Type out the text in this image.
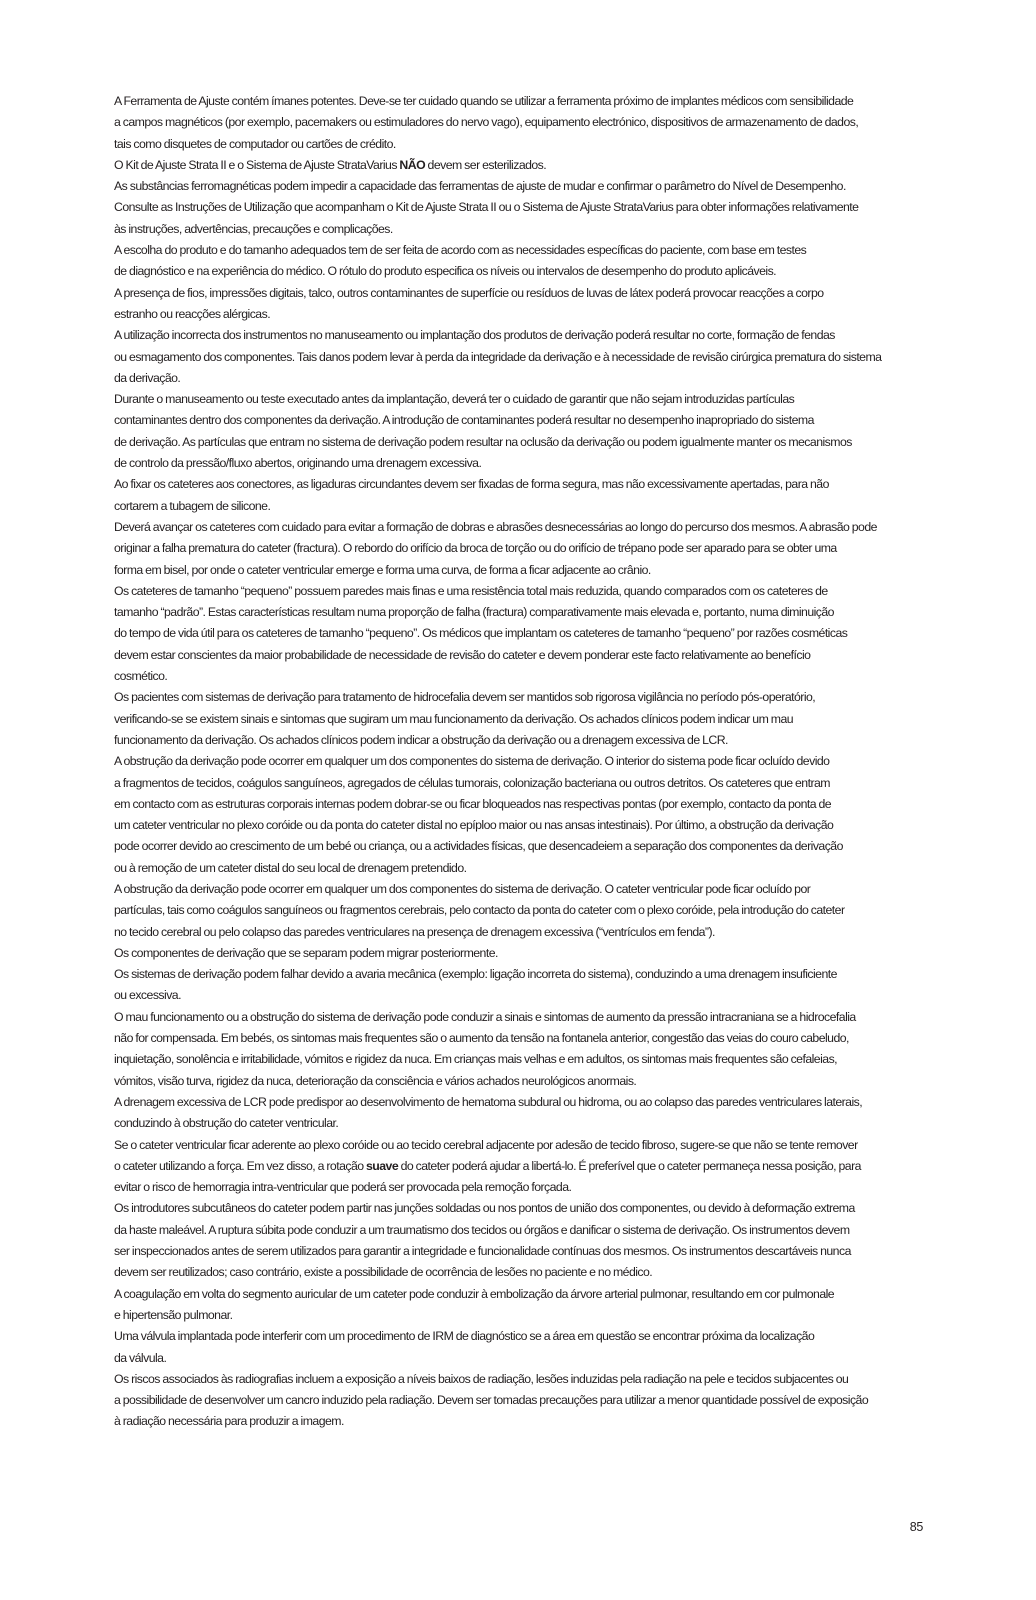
A Ferramenta de Ajuste contém ímanes potentes. Deve-se ter cuidado quando se utilizar a ferramenta próximo de implantes médicos com sensibilidade
a campos magnéticos (por exemplo, pacemakers ou estimuladores do nervo vago), equipamento electrónico, dispositivos de armazenamento de dados,
tais como disquetes de computador ou cartões de crédito.

O Kit de Ajuste Strata II e o Sistema de Ajuste StrataVarius NÃO devem ser esterilizados.

As substâncias ferromagnéticas podem impedir a capacidade das ferramentas de ajuste de mudar e confirmar o parâmetro do Nível de Desempenho.

Consulte as Instruções de Utilização que acompanham o Kit de Ajuste Strata II ou o Sistema de Ajuste StrataVarius para obter informações relativamente
às instruções, advertências, precauções e complicações.

A escolha do produto e do tamanho adequados tem de ser feita de acordo com as necessidades específicas do paciente, com base em testes
de diagnóstico e na experiência do médico. O rótulo do produto especifica os níveis ou intervalos de desempenho do produto aplicáveis.

A presença de fios, impressões digitais, talco, outros contaminantes de superfície ou resíduos de luvas de látex poderá provocar reacções a corpo
estranho ou reacções alérgicas.

A utilização incorrecta dos instrumentos no manuseamento ou implantação dos produtos de derivação poderá resultar no corte, formação de fendas
ou esmagamento dos componentes. Tais danos podem levar à perda da integridade da derivação e à necessidade de revisão cirúrgica prematura do sistema
da derivação.

Durante o manuseamento ou teste executado antes da implantação, deverá ter o cuidado de garantir que não sejam introduzidas partículas
contaminantes dentro dos componentes da derivação. A introdução de contaminantes poderá resultar no desempenho inapropriado do sistema
de derivação. As partículas que entram no sistema de derivação podem resultar na oclusão da derivação ou podem igualmente manter os mecanismos
de controlo da pressão/fluxo abertos, originando uma drenagem excessiva.

Ao fixar os cateteres aos conectores, as ligaduras circundantes devem ser fixadas de forma segura, mas não excessivamente apertadas, para não
cortarem a tubagem de silicone.

Deverá avançar os cateteres com cuidado para evitar a formação de dobras e abrasões desnecessárias ao longo do percurso dos mesmos. A abrasão pode
originar a falha prematura do cateter (fractura). O rebordo do orifício da broca de torção ou do orifício de trépano pode ser aparado para se obter uma
forma em bisel, por onde o cateter ventricular emerge e forma uma curva, de forma a ficar adjacente ao crânio.

Os cateteres de tamanho “pequeno” possuem paredes mais finas e uma resistência total mais reduzida, quando comparados com os cateteres de
tamanho “padrão”. Estas características resultam numa proporção de falha (fractura) comparativamente mais elevada e, portanto, numa diminuição
do tempo de vida útil para os cateteres de tamanho “pequeno”. Os médicos que implantam os cateteres de tamanho “pequeno” por razões cosméticas
devem estar conscientes da maior probabilidade de necessidade de revisão do cateter e devem ponderar este facto relativamente ao benefício
cosmético.

Os pacientes com sistemas de derivação para tratamento de hidrocefalia devem ser mantidos sob rigorosa vigilância no período pós-operatório,
verificando-se se existem sinais e sintomas que sugiram um mau funcionamento da derivação. Os achados clínicos podem indicar um mau
funcionamento da derivação. Os achados clínicos podem indicar a obstrução da derivação ou a drenagem excessiva de LCR.

A obstrução da derivação pode ocorrer em qualquer um dos componentes do sistema de derivação. O interior do sistema pode ficar ocluído devido
a fragmentos de tecidos, coágulos sanguíneos, agregados de células tumorais, colonização bacteriana ou outros detritos. Os cateteres que entram
em contacto com as estruturas corporais internas podem dobrar-se ou ficar bloqueados nas respectivas pontas (por exemplo, contacto da ponta de
um cateter ventricular no plexo coróide ou da ponta do cateter distal no epíploo maior ou nas ansas intestinais). Por último, a obstrução da derivação
pode ocorrer devido ao crescimento de um bebé ou criança, ou a actividades físicas, que desencadeiem a separação dos componentes da derivação
ou à remoção de um cateter distal do seu local de drenagem pretendido.

A obstrução da derivação pode ocorrer em qualquer um dos componentes do sistema de derivação. O cateter ventricular pode ficar ocluído por
partículas, tais como coágulos sanguíneos ou fragmentos cerebrais, pelo contacto da ponta do cateter com o plexo coróide, pela introdução do cateter
no tecido cerebral ou pelo colapso das paredes ventriculares na presença de drenagem excessiva (“ventrículos em fenda”).

Os componentes de derivação que se separam podem migrar posteriormente.

Os sistemas de derivação podem falhar devido a avaria mecânica (exemplo: ligação incorreta do sistema), conduzindo a uma drenagem insuficiente
ou excessiva.

O mau funcionamento ou a obstrução do sistema de derivação pode conduzir a sinais e sintomas de aumento da pressão intracraniana se a hidrocefalia
não for compensada. Em bebés, os sintomas mais frequentes são o aumento da tensão na fontanela anterior, congestão das veias do couro cabeludo,
inquietação, sonolência e irritabilidade, vómitos e rigidez da nuca. Em crianças mais velhas e em adultos, os sintomas mais frequentes são cefaleias,
vómitos, visão turva, rigidez da nuca, deterioração da consciência e vários achados neurológicos anormais.

A drenagem excessiva de LCR pode predispor ao desenvolvimento de hematoma subdural ou hidroma, ou ao colapso das paredes ventriculares laterais,
conduzindo à obstrução do cateter ventricular.

Se o cateter ventricular ficar aderente ao plexo coróide ou ao tecido cerebral adjacente por adesão de tecido fibroso, sugere-se que não se tente remover
o cateter utilizando a força. Em vez disso, a rotação suave do cateter poderá ajudar a libertá-lo. É preferível que o cateter permaneça nessa posição, para
evitar o risco de hemorragia intra-ventricular que poderá ser provocada pela remoção forçada.

Os introdutores subcutâneos do cateter podem partir nas junções soldadas ou nos pontos de união dos componentes, ou devido à deformação extrema
da haste maleável. A ruptura súbita pode conduzir a um traumatismo dos tecidos ou órgãos e danificar o sistema de derivação. Os instrumentos devem
ser inspeccionados antes de serem utilizados para garantir a integridade e funcionalidade contínuas dos mesmos. Os instrumentos descartáveis nunca
devem ser reutilizados; caso contrário, existe a possibilidade de ocorrência de lesões no paciente e no médico.

A coagulação em volta do segmento auricular de um cateter pode conduzir à embolização da árvore arterial pulmonar, resultando em cor pulmonale
e hipertensão pulmonar.

Uma válvula implantada pode interferir com um procedimento de IRM de diagnóstico se a área em questão se encontrar próxima da localização
da válvula.

Os riscos associados às radiografias incluem a exposição a níveis baixos de radiação, lesões induzidas pela radiação na pele e tecidos subjacentes ou
a possibilidade de desenvolver um cancro induzido pela radiação. Devem ser tomadas precauções para utilizar a menor quantidade possível de exposição
à radiação necessária para produzir a imagem.

85
